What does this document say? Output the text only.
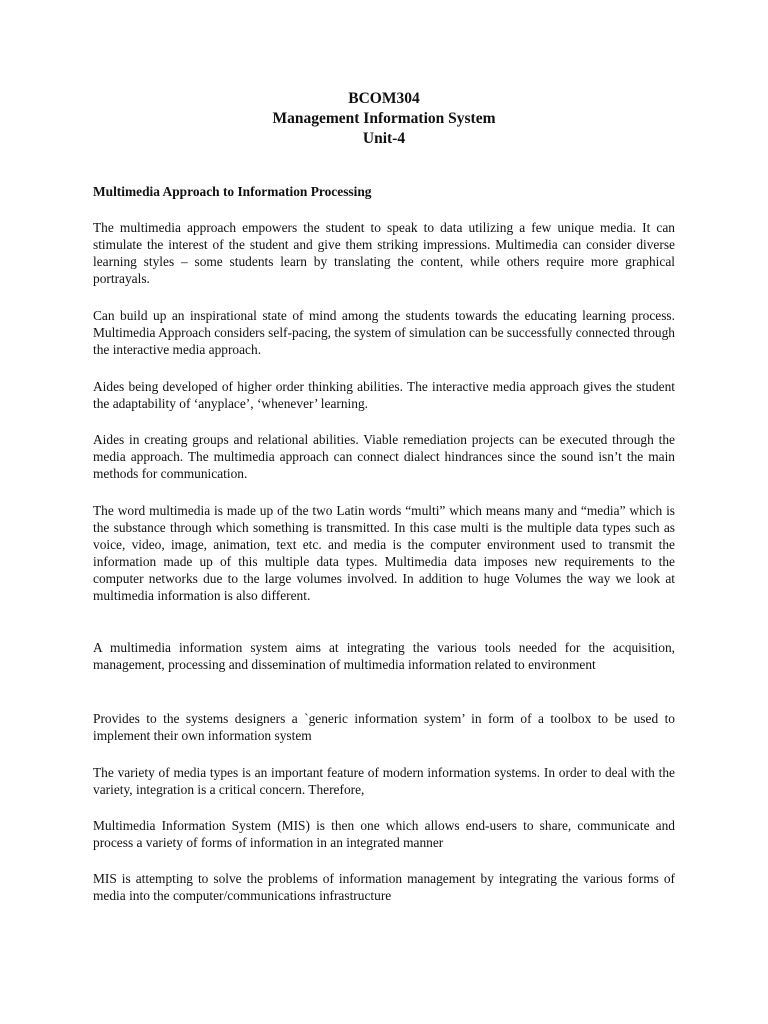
BCOM304
Management Information System
Unit-4

Multimedia Approach to Information Processing

The multimedia approach empowers the student to speak to data utilizing a few unique media. It can stimulate the interest of the student and give them striking impressions. Multimedia can consider diverse learning styles – some students learn by translating the content, while others require more graphical portrayals.

Can build up an inspirational state of mind among the students towards the educating learning process. Multimedia Approach considers self-pacing, the system of simulation can be successfully connected through the interactive media approach.

Aides being developed of higher order thinking abilities. The interactive media approach gives the student the adaptability of ‘anyplace’, ‘whenever’ learning.

Aides in creating groups and relational abilities. Viable remediation projects can be executed through the media approach. The multimedia approach can connect dialect hindrances since the sound isn’t the main methods for communication.

The word multimedia is made up of the two Latin words “multi” which means many and “media” which is the substance through which something is transmitted. In this case multi is the multiple data types such as voice, video, image, animation, text etc. and media is the computer environment used to transmit the information made up of this multiple data types. Multimedia data imposes new requirements to the computer networks due to the large volumes involved. In addition to huge Volumes the way we look at multimedia information is also different.

A multimedia information system aims at integrating the various tools needed for the acquisition, management, processing and dissemination of multimedia information related to environment

Provides to the systems designers a `generic information system’ in form of a toolbox to be used to implement their own information system

The variety of media types is an important feature of modern information systems. In order to deal with the variety, integration is a critical concern. Therefore,

Multimedia Information System (MIS) is then one which allows end-users to share, communicate and process a variety of forms of information in an integrated manner

MIS is attempting to solve the problems of information management by integrating the various forms of media into the computer/communications infrastructure
